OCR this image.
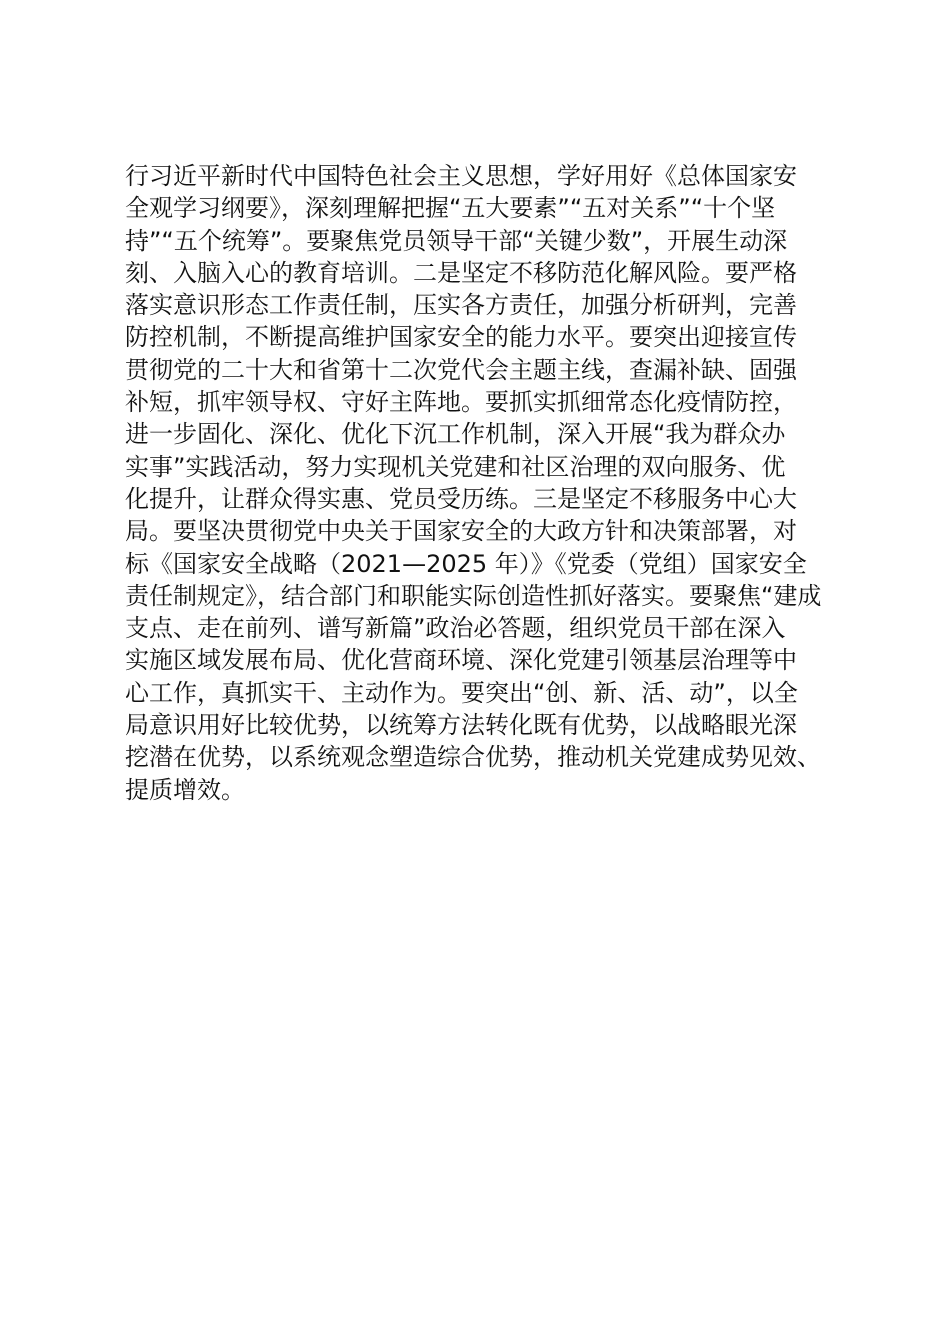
行习近平新时代中国特色社会主义思想，学好用好《总体国家安
全观学习纲要》，深刻理解把握“五大要素”“五对关系”“十个坚
持”“五个统筹”。要聚焦党员领导干部“关键少数”，开展生动深
刻、入脑入心的教育培训。二是坚定不移防范化解风险。要严格
落实意识形态工作责任制，压实各方责任，加强分析研判，完善
防控机制，不断提高维护国家安全的能力水平。要突出迎接宣传
贯彻党的二十大和省第十二次党代会主题主线，查漏补缺、固强
补短，抓牢领导权、守好主阵地。要抓实抓细常态化疫情防控，
进一步固化、深化、优化下沉工作机制，深入开展“我为群众办
实事”实践活动，努力实现机关党建和社区治理的双向服务、优
化提升，让群众得实惠、党员受历练。三是坚定不移服务中心大
局。要坚决贯彻党中央关于国家安全的大政方针和决策部署，对
标《国家安全战略（2021—2025 年）》《党委（党组）国家安全
责任制规定》，结合部门和职能实际创造性抓好落实。要聚焦“建成
支点、走在前列、谱写新篇”政治必答题，组织党员干部在深入
实施区域发展布局、优化营商环境、深化党建引领基层治理等中
心工作，真抓实干、主动作为。要突出“创、新、活、动”，以全
局意识用好比较优势，以统筹方法转化既有优势，以战略眼光深
挖潜在优势，以系统观念塑造综合优势，推动机关党建成势见效、
提质增效。
